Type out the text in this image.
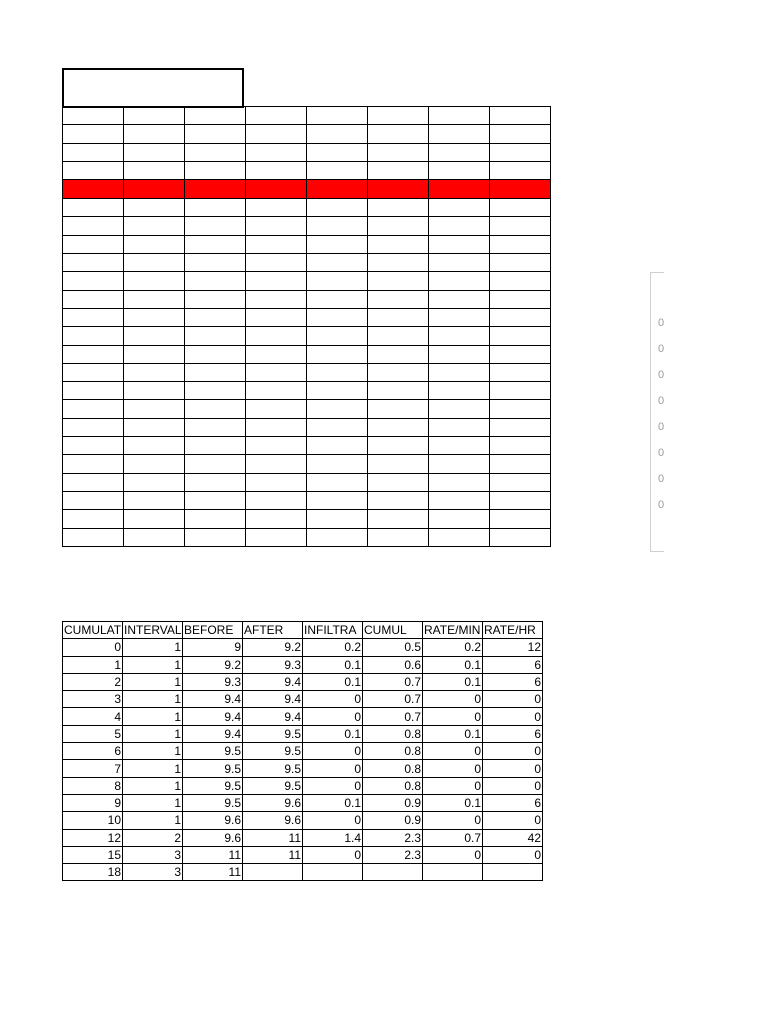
0
0
0
0
0
0
0
0
CUMULAT	INTERVAL	BEFORE	AFTER	INFILTRA	CUMUL	RATE/MIN	RATE/HR
0	1	9	9.2	0.2	0.5	0.2	12
1	1	9.2	9.3	0.1	0.6	0.1	6
2	1	9.3	9.4	0.1	0.7	0.1	6
3	1	9.4	9.4	0	0.7	0	0
4	1	9.4	9.4	0	0.7	0	0
5	1	9.4	9.5	0.1	0.8	0.1	6
6	1	9.5	9.5	0	0.8	0	0
7	1	9.5	9.5	0	0.8	0	0
8	1	9.5	9.5	0	0.8	0	0
9	1	9.5	9.6	0.1	0.9	0.1	6
10	1	9.6	9.6	0	0.9	0	0
12	2	9.6	11	1.4	2.3	0.7	42
15	3	11	11	0	2.3	0	0
18	3	11					
